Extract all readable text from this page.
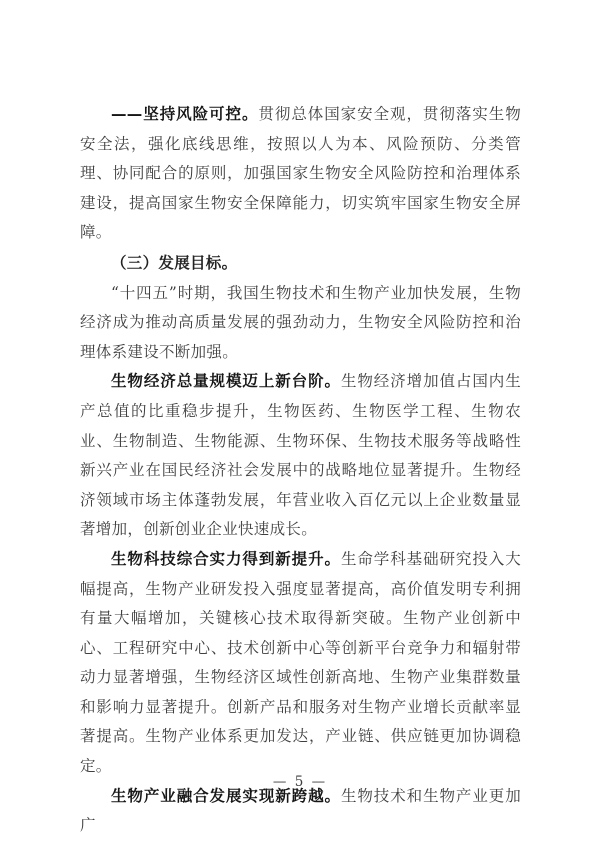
——坚持风险可控。贯彻总体国家安全观，贯彻落实生物安全法，强化底线思维，按照以人为本、风险预防、分类管理、协同配合的原则，加强国家生物安全风险防控和治理体系建设，提高国家生物安全保障能力，切实筑牢国家生物安全屏障。

（三）发展目标。

“十四五”时期，我国生物技术和生物产业加快发展，生物经济成为推动高质量发展的强劲动力，生物安全风险防控和治理体系建设不断加强。

生物经济总量规模迈上新台阶。生物经济增加值占国内生产总值的比重稳步提升，生物医药、生物医学工程、生物农业、生物制造、生物能源、生物环保、生物技术服务等战略性新兴产业在国民经济社会发展中的战略地位显著提升。生物经济领域市场主体蓬勃发展，年营业收入百亿元以上企业数量显著增加，创新创业企业快速成长。

生物科技综合实力得到新提升。生命学科基础研究投入大幅提高，生物产业研发投入强度显著提高，高价值发明专利拥有量大幅增加，关键核心技术取得新突破。生物产业创新中心、工程研究中心、技术创新中心等创新平台竞争力和辐射带动力显著增强，生物经济区域性创新高地、生物产业集群数量和影响力显著提升。创新产品和服务对生物产业增长贡献率显著提高。生物产业体系更加发达，产业链、供应链更加协调稳定。

生物产业融合发展实现新跨越。生物技术和生物产业更加广

— 5 —
